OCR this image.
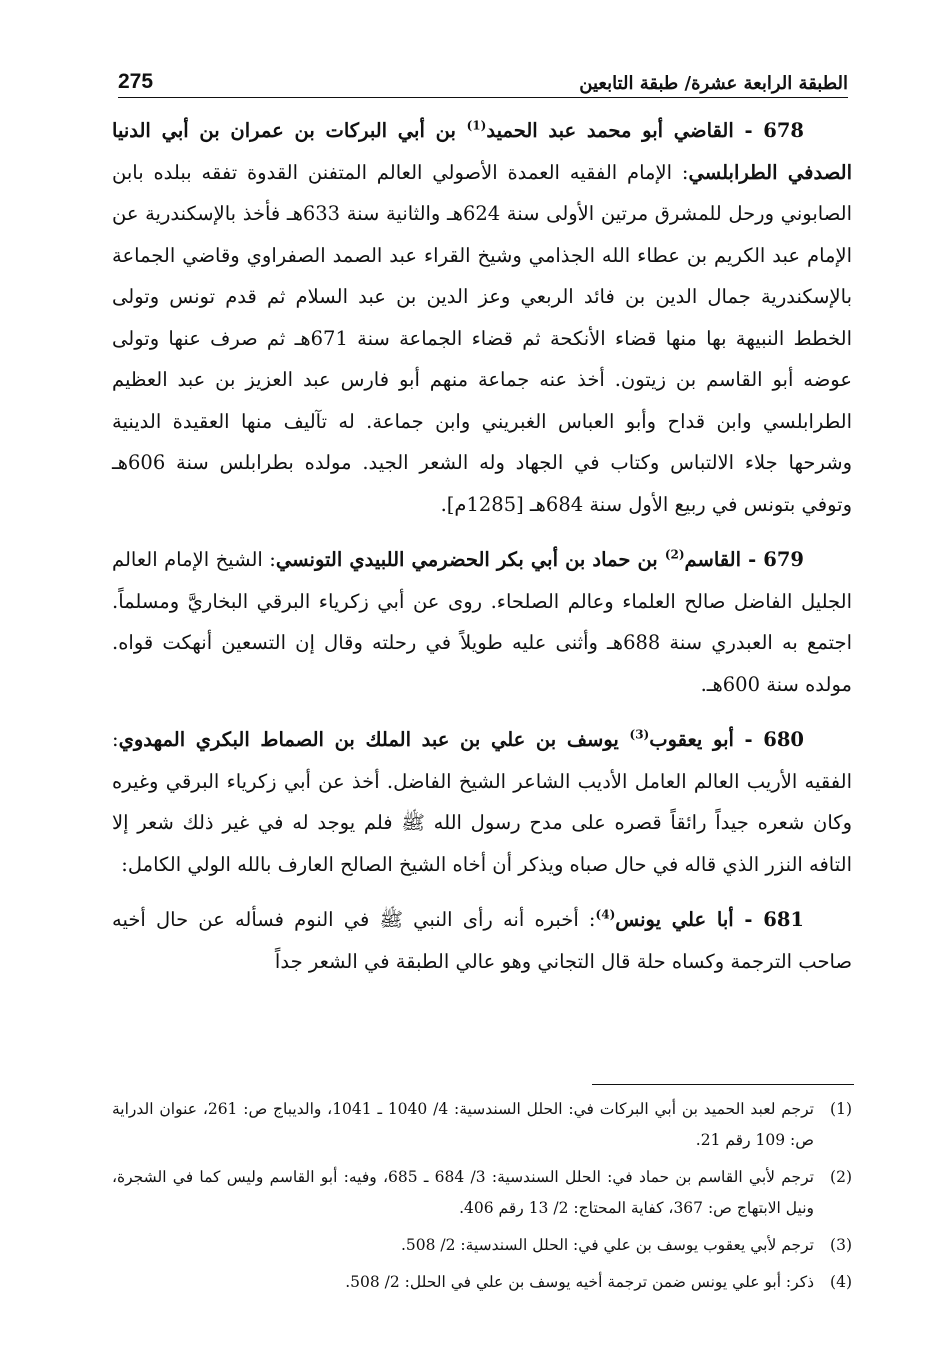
275	الطبقة الرابعة عشرة/ طبقة التابعين

678 - القاضي أبو محمد عبد الحميد$^{(1)}$ بن أبي البركات بن عمران بن أبي الدنيا الصدفي الطرابلسي: الإمام الفقيه العمدة الأصولي العالم المتفنن القدوة تفقه ببلده بابن الصابوني ورحل للمشرق مرتين الأولى سنة 624هـ والثانية سنة 633هـ فأخذ بالإسكندرية عن الإمام عبد الكريم بن عطاء الله الجذامي وشيخ القراء عبد الصمد الصفراوي وقاضي الجماعة بالإسكندرية جمال الدين بن فائد الربعي وعز الدين بن عبد السلام ثم قدم تونس وتولى الخطط النبيهة بها منها قضاء الأنكحة ثم قضاء الجماعة سنة 671هـ ثم صرف عنها وتولى عوضه أبو القاسم بن زيتون. أخذ عنه جماعة منهم أبو فارس عبد العزيز بن عبد العظيم الطرابلسي وابن قداح وأبو العباس الغبريني وابن جماعة. له تآليف منها العقيدة الدينية وشرحها جلاء الالتباس وكتاب في الجهاد وله الشعر الجيد. مولده بطرابلس سنة 606هـ وتوفي بتونس في ربيع الأول سنة 684هـ [1285م].

679 - القاسم$^{(2)}$ بن حماد بن أبي بكر الحضرمي اللبيدي التونسي: الشيخ الإمام العالم الجليل الفاضل صالح العلماء وعالم الصلحاء. روى عن أبي زكرياء البرقي البخاريَّ ومسلماً. اجتمع به العبدري سنة 688هـ وأثنى عليه طويلاً في رحلته وقال إن التسعين أنهكت قواه. مولده سنة 600هـ.

680 - أبو يعقوب$^{(3)}$ يوسف بن علي بن عبد الملك بن الصماط البكري المهدوي: الفقيه الأريب العالم العامل الأديب الشاعر الشيخ الفاضل. أخذ عن أبي زكرياء البرقي وغيره وكان شعره جيداً رائقاً قصره على مدح رسول الله ﷺ فلم يوجد له في غير ذلك شعر إلا التافه النزر الذي قاله في حال صباه ويذكر أن أخاه الشيخ الصالح العارف بالله الولي الكامل:

681 - أبا علي يونس$^{(4)}$: أخبره أنه رأى النبي ﷺ في النوم فسأله عن حال أخيه صاحب الترجمة وكساه حلة قال التجاني وهو عالي الطبقة في الشعر جداً

(1)
ترجم لعبد الحميد بن أبي البركات في: الحلل السندسية: 4/ 1040 ـ 1041، والديباج ص: 261، عنوان الدراية ص: 109 رقم 21.
(2)
ترجم لأبي القاسم بن حماد في: الحلل السندسية: 3/ 684 ـ 685، وفيه: أبو القاسم وليس كما في الشجرة، ونيل الابتهاج ص: 367، كفاية المحتاج: 2/ 13 رقم 406.
(3)
ترجم لأبي يعقوب يوسف بن علي في: الحلل السندسية: 2/ 508.
(4)
ذكر: أبو علي يونس ضمن ترجمة أخيه يوسف بن علي في الحلل: 2/ 508.
